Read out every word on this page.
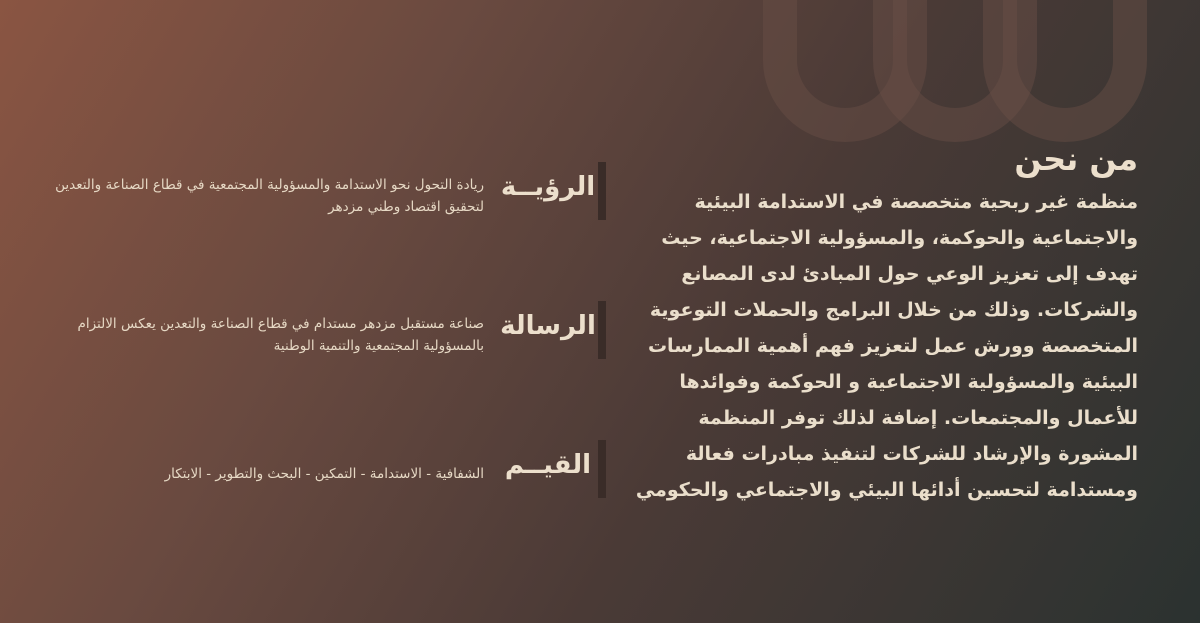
من نحن

منظمة غير ربحية متخصصة في الاستدامة البيئية والاجتماعية والحوكمة، والمسؤولية الاجتماعية، حيث تهدف إلى تعزيز الوعي حول المبادئ لدى المصانع والشركات. وذلك من خلال البرامج والحملات التوعوية المتخصصة وورش عمل لتعزيز فهم أهمية الممارسات البيئية والمسؤولية الاجتماعية و الحوكمة وفوائدها للأعمال والمجتمعات. إضافة لذلك توفر المنظمة المشورة والإرشاد للشركات لتنفيذ مبادرات فعالة ومستدامة لتحسين أدائها البيئي والاجتماعي والحكومي

الرؤيــة
ريادة التحول نحو الاستدامة والمسؤولية المجتمعية في قطاع الصناعة والتعدين لتحقيق اقتصاد وطني مزدهر
الرسالة
صناعة مستقبل مزدهر مستدام في قطاع الصناعة والتعدين يعكس الالتزام بالمسؤولية المجتمعية والتنمية الوطنية
القيــم
الشفافية - الاستدامة - التمكين - البحث والتطوير - الابتكار
